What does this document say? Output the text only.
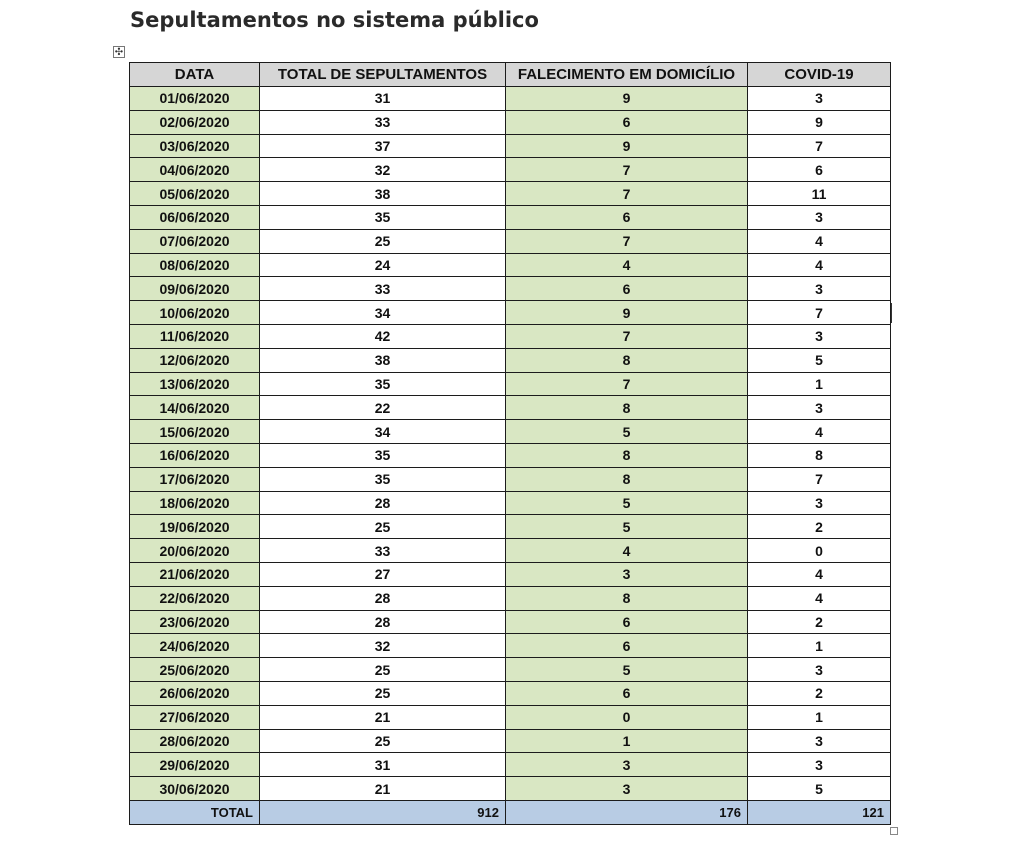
Sepultamentos no sistema público
✣
DATA	TOTAL DE SEPULTAMENTOS	FALECIMENTO EM DOMICÍLIO	COVID-19
01/06/2020	31	9	3
02/06/2020	33	6	9
03/06/2020	37	9	7
04/06/2020	32	7	6
05/06/2020	38	7	11
06/06/2020	35	6	3
07/06/2020	25	7	4
08/06/2020	24	4	4
09/06/2020	33	6	3
10/06/2020	34	9	7
11/06/2020	42	7	3
12/06/2020	38	8	5
13/06/2020	35	7	1
14/06/2020	22	8	3
15/06/2020	34	5	4
16/06/2020	35	8	8
17/06/2020	35	8	7
18/06/2020	28	5	3
19/06/2020	25	5	2
20/06/2020	33	4	0
21/06/2020	27	3	4
22/06/2020	28	8	4
23/06/2020	28	6	2
24/06/2020	32	6	1
25/06/2020	25	5	3
26/06/2020	25	6	2
27/06/2020	21	0	1
28/06/2020	25	1	3
29/06/2020	31	3	3
30/06/2020	21	3	5
TOTAL	912	176	121
